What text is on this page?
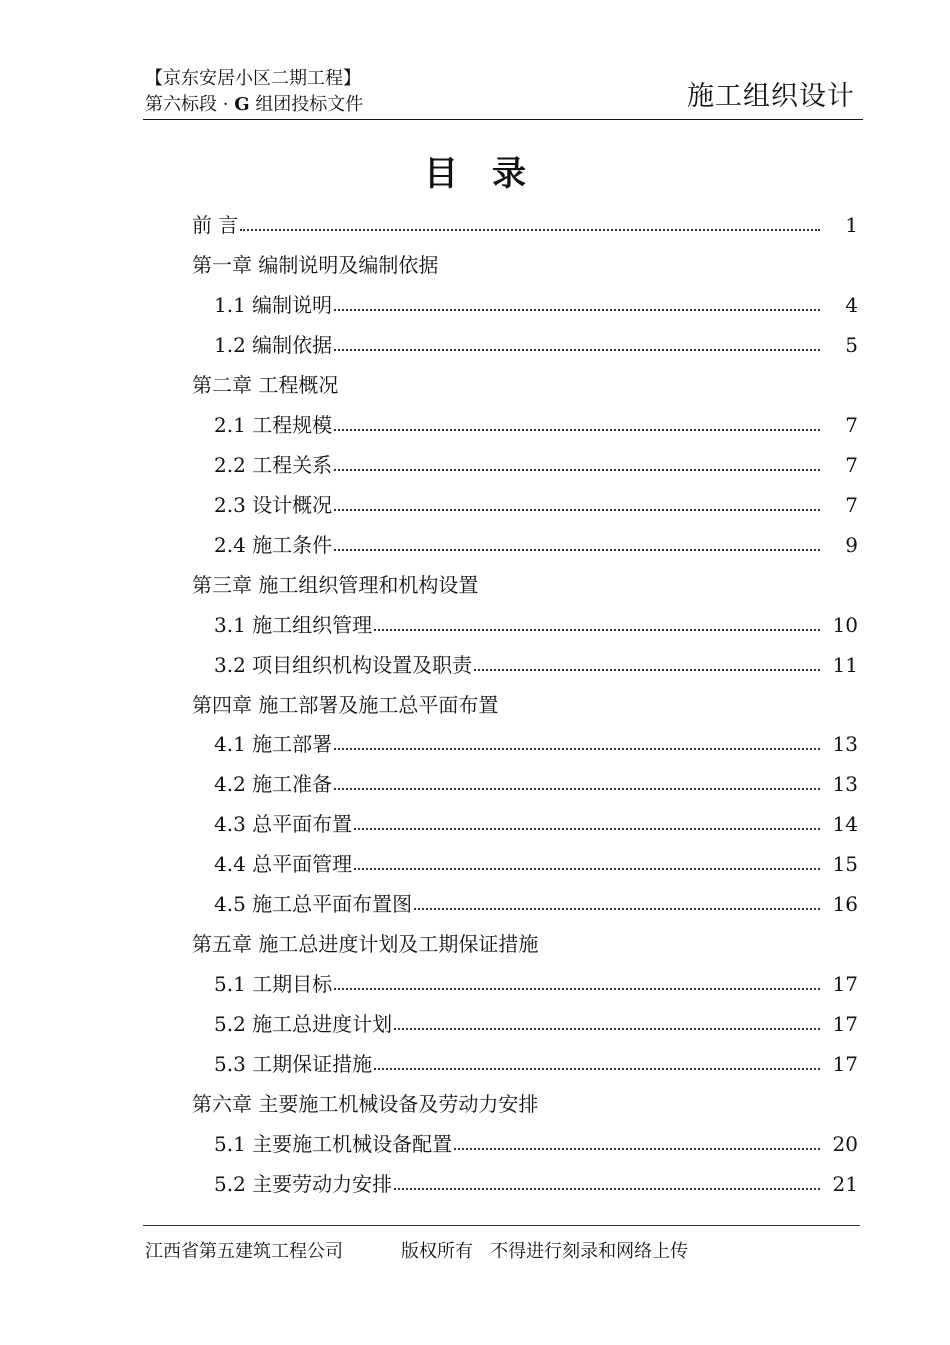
【京东安居小区二期工程】
第六标段 · G 组团投标文件	施工组织设计
目录
前 言	1
第一章 编制说明及编制依据
1.1 编制说明	4
1.2 编制依据	5
第二章 工程概况
2.1 工程规模	7
2.2 工程关系	7
2.3 设计概况	7
2.4 施工条件	9
第三章 施工组织管理和机构设置
3.1 施工组织管理	10
3.2 项目组织机构设置及职责	11
第四章 施工部署及施工总平面布置
4.1 施工部署	13
4.2 施工准备	13
4.3 总平面布置	14
4.4 总平面管理	15
4.5 施工总平面布置图	16
第五章 施工总进度计划及工期保证措施
5.1 工期目标	17
5.2 施工总进度计划	17
5.3 工期保证措施	17
第六章 主要施工机械设备及劳动力安排
5.1 主要施工机械设备配置	20
5.2 主要劳动力安排	21
江西省第五建筑工程公司	版权所有   不得进行刻录和网络上传
